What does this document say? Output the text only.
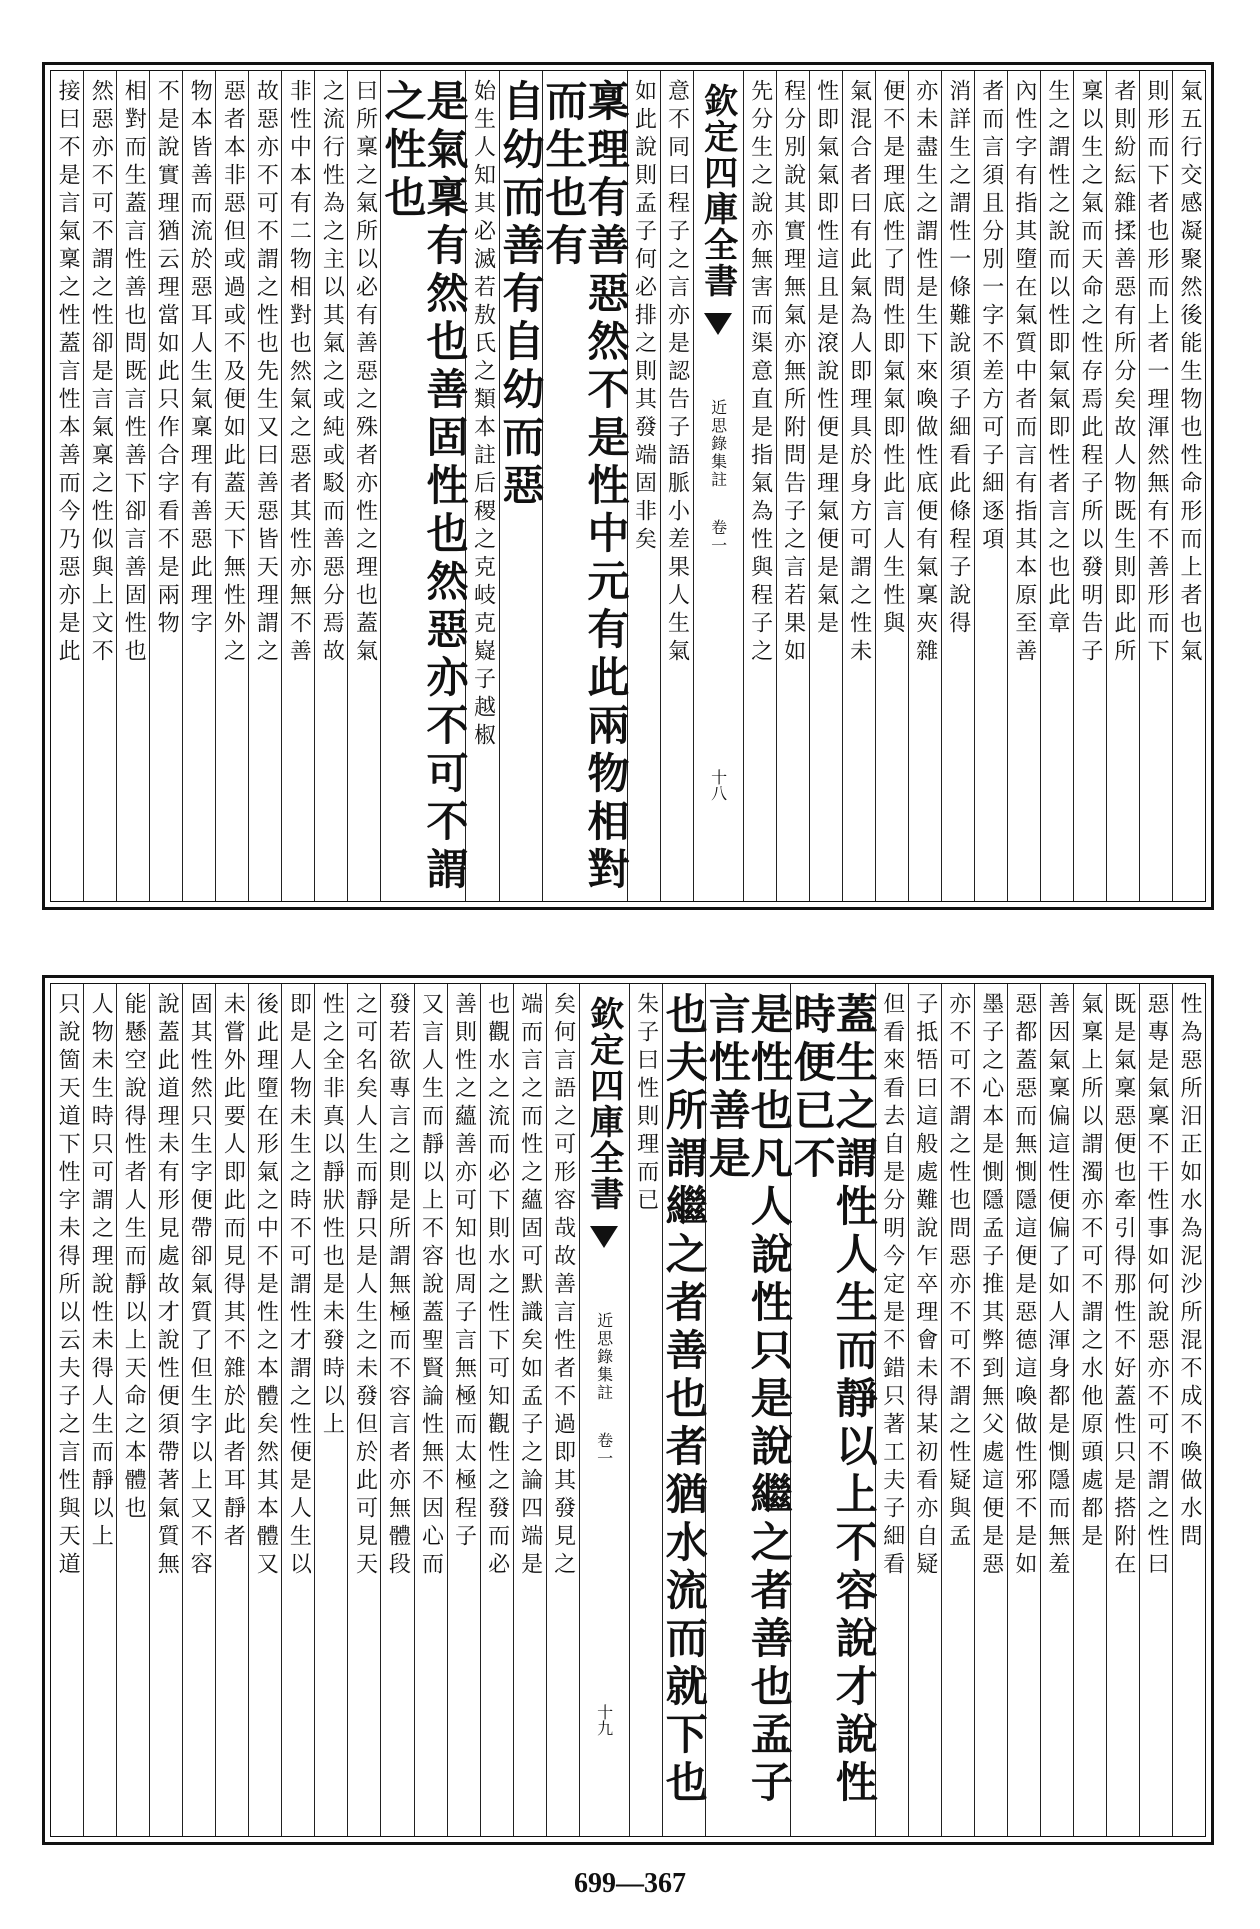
氣五行交感凝聚然後能生物也性命形而上者也氣
則形而下者也形而上者一理渾然無有不善形而下
者則紛紜雜揉善惡有所分矣故人物既生則即此所
稟以生之氣而天命之性存焉此程子所以發明告子
生之謂性之說而以性即氣氣即性者言之也此章
內性字有指其墮在氣質中者而言有指其本原至善
者而言須且分別一字不差方可子細逐項
消詳生之謂性一條難說須子細看此條程子說得
亦未盡生之謂性是生下來喚做性底便有氣稟夾雜
便不是理底性了問性即氣氣即性此言人生性與
氣混合者曰有此氣為人即理具於身方可謂之性未
性即氣氣即性這且是滾說性便是理氣便是氣是
程分別說其實理無氣亦無所附問告子之言若果如
先分生之說亦無害而渠意直是指氣為性與程子之
欽定四庫全書
近思錄集註
卷一
十八
意不同曰程子之言亦是認告子語脈小差果人生氣
如此說則孟子何必排之則其發端固非矣
稟理有善惡然不是性中元有此兩物相對而生也有
自幼而善有自幼而惡
始生人知其必滅若敖氏之類本註后稷之克岐克嶷子越椒
是氣稟有然也善固性也然惡亦不可不謂之性也
曰所稟之氣所以必有善惡之殊者亦性之理也蓋氣
之流行性為之主以其氣之或純或駁而善惡分焉故
非性中本有二物相對也然氣之惡者其性亦無不善
故惡亦不可不謂之性也先生又曰善惡皆天理謂之
惡者本非惡但或過或不及便如此蓋天下無性外之
物本皆善而流於惡耳人生氣稟理有善惡此理字
不是說實理猶云理當如此只作合字看不是兩物
相對而生蓋言性善也問既言性善下卻言善固性也
然惡亦不可不謂之性卻是言氣稟之性似與上文不
接曰不是言氣稟之性蓋言性本善而今乃惡亦是此
性為惡所汨正如水為泥沙所混不成不喚做水問
惡專是氣稟不干性事如何說惡亦不可不謂之性曰
既是氣稟惡便也牽引得那性不好蓋性只是搭附在
氣稟上所以謂濁亦不可不謂之水他原頭處都是
善因氣稟偏這性便偏了如人渾身都是惻隱而無羞
惡都蓋惡而無惻隱這便是惡德這喚做性邪不是如
墨子之心本是惻隱孟子推其弊到無父處這便是惡
亦不可不謂之性也問惡亦不可不謂之性疑與孟
子抵牾曰這般處難說乍卒理會未得某初看亦自疑
但看來看去自是分明今定是不錯只著工夫子細看
蓋生之謂性人生而靜以上不容說才說性時便已不
是性也凡人說性只是說繼之者善也孟子言性善是
也夫所謂繼之者善也者猶水流而就下也
朱子曰性則理而已
欽定四庫全書
近思錄集註
卷一
十九
矣何言語之可形容哉故善言性者不過即其發見之
端而言之而性之蘊固可默識矣如孟子之論四端是
也觀水之流而必下則水之性下可知觀性之發而必
善則性之蘊善亦可知也周子言無極而太極程子
又言人生而靜以上不容說蓋聖賢論性無不因心而
發若欲專言之則是所謂無極而不容言者亦無體段
之可名矣人生而靜只是人生之未發但於此可見天
性之全非真以靜狀性也是未發時以上
即是人物未生之時不可謂性才謂之性便是人生以
後此理墮在形氣之中不是性之本體矣然其本體又
未嘗外此要人即此而見得其不雜於此者耳靜者
固其性然只生字便帶卻氣質了但生字以上又不容
說蓋此道理未有形見處故才說性便須帶著氣質無
能懸空說得性者人生而靜以上天命之本體也
人物未生時只可謂之理說性未得人生而靜以上
只說箇天道下性字未得所以云夫子之言性與天道
699—367
